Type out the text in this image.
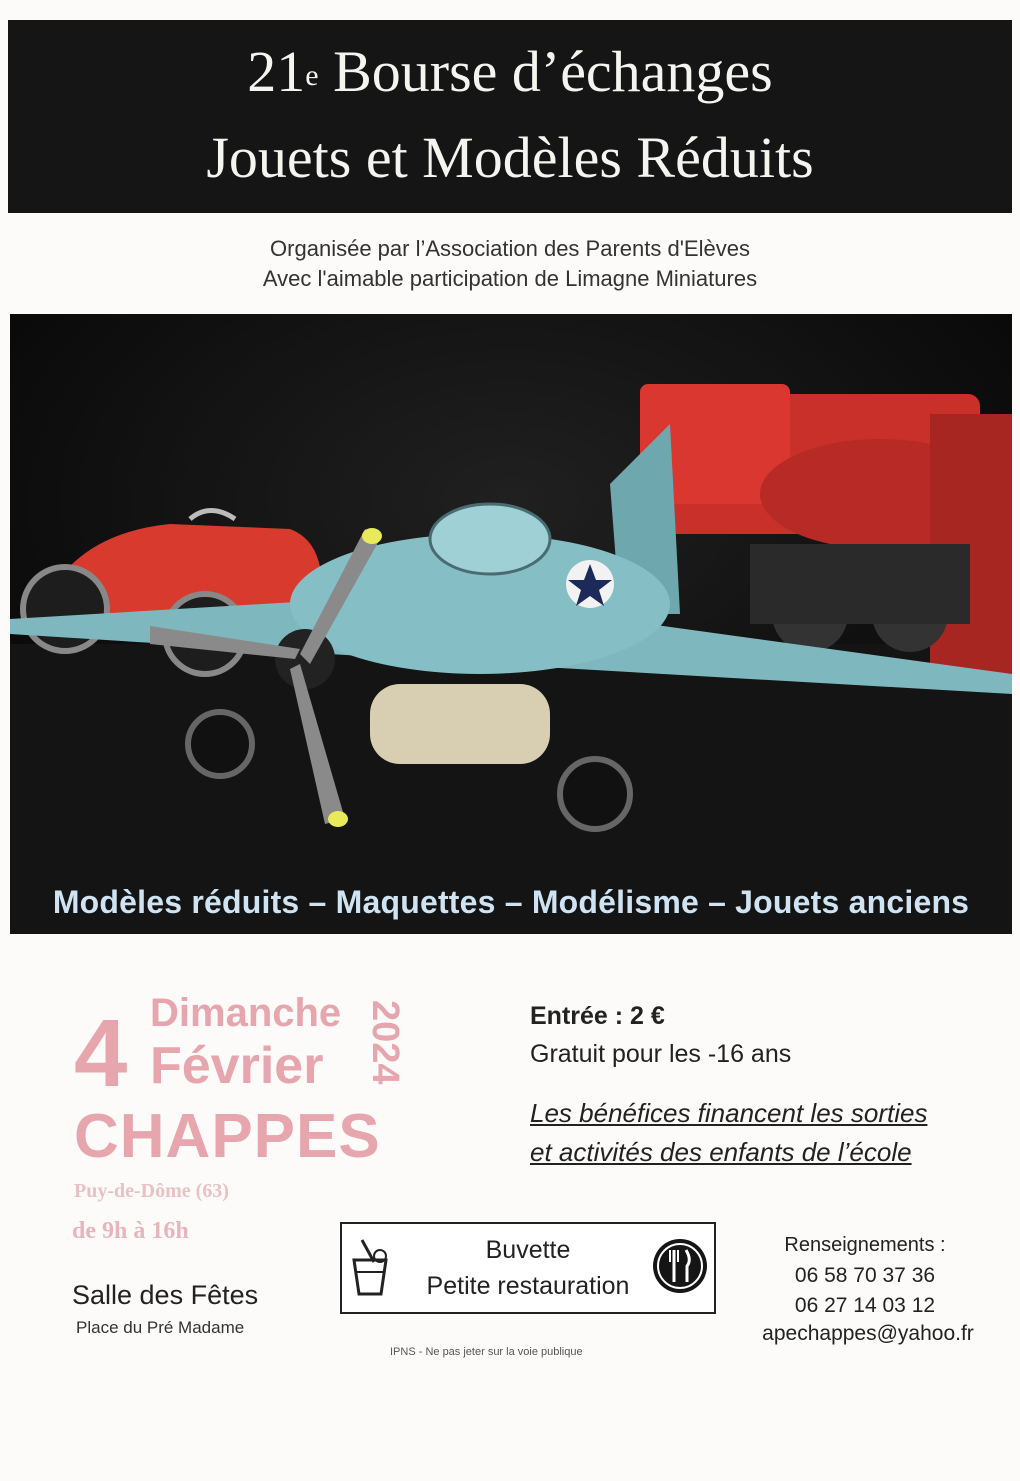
21e Bourse d’échanges
Jouets et Modèles Réduits
Organisée par l’Association des Parents d'Elèves
Avec l'aimable participation de Limagne Miniatures
Modèles réduits – Maquettes – Modélisme – Jouets anciens
4 Dimanche
Février 2024
CHAPPES
Puy-de-Dôme (63)
de 9h à 16h
Salle des Fêtes
Place du Pré Madame
Entrée : 2 €
Gratuit pour les -16 ans
Les bénéfices financent les sorties
et activités des enfants de l’école
Buvette
Petite restauration
Renseignements :
06 58 70 37 36
06 27 14 03 12
apechappes@yahoo.fr
IPNS - Ne pas jeter sur la voie publique
